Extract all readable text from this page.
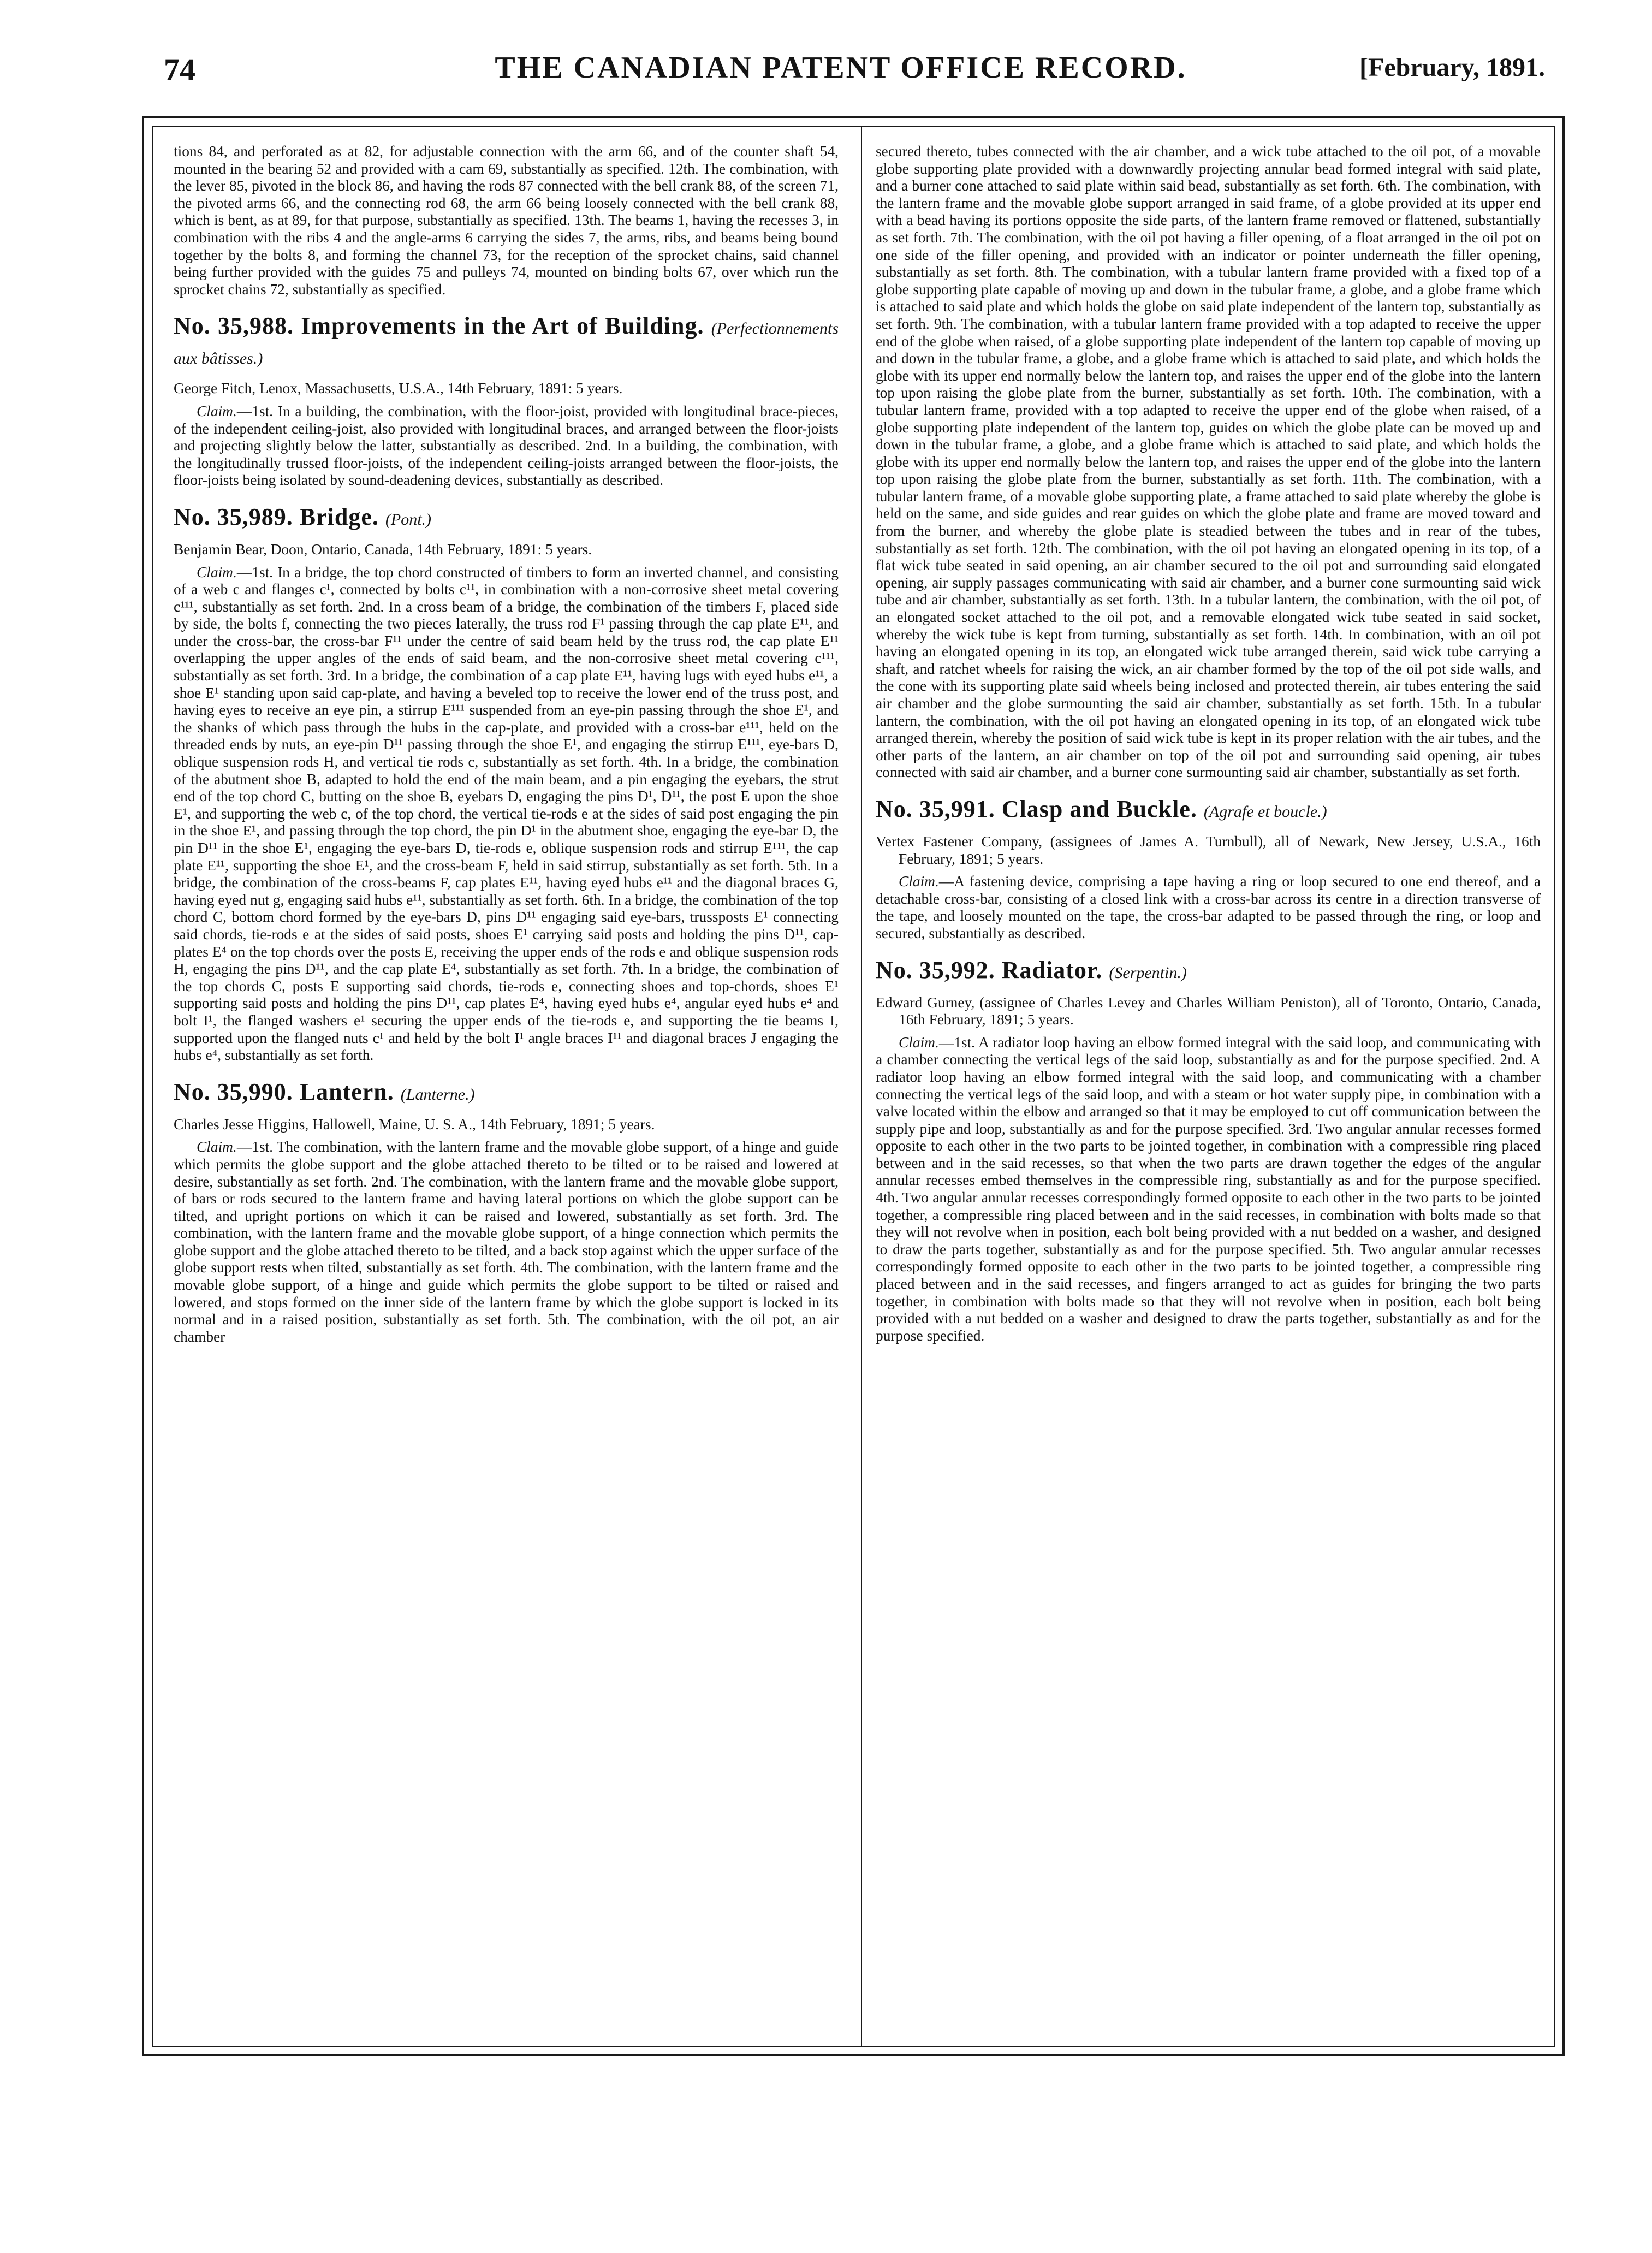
74	THE CANADIAN PATENT OFFICE RECORD.	[February, 1891.

tions 84, and perforated as at 82, for adjustable connection with the arm 66, and of the counter shaft 54, mounted in the bearing 52 and provided with a cam 69, substantially as specified. 12th. The combination, with the lever 85, pivoted in the block 86, and having the rods 87 connected with the bell crank 88, of the screen 71, the pivoted arms 66, and the connecting rod 68, the arm 66 being loosely connected with the bell crank 88, which is bent, as at 89, for that purpose, substantially as specified. 13th. The beams 1, having the recesses 3, in combination with the ribs 4 and the angle-arms 6 carrying the sides 7, the arms, ribs, and beams being bound together by the bolts 8, and forming the channel 73, for the reception of the sprocket chains, said channel being further provided with the guides 75 and pulleys 74, mounted on binding bolts 67, over which run the sprocket chains 72, substantially as specified.

No. 35,988. Improvements in the Art of Building. (Perfectionnements aux bâtisses.)

George Fitch, Lenox, Massachusetts, U.S.A., 14th February, 1891: 5 years.

Claim.—1st. In a building, the combination, with the floor-joist, provided with longitudinal brace-pieces, of the independent ceiling-joist, also provided with longitudinal braces, and arranged between the floor-joists and projecting slightly below the latter, substantially as described. 2nd. In a building, the combination, with the longitudinally trussed floor-joists, of the independent ceiling-joists arranged between the floor-joists, the floor-joists being isolated by sound-deadening devices, substantially as described.

No. 35,989. Bridge. (Pont.)

Benjamin Bear, Doon, Ontario, Canada, 14th February, 1891: 5 years.

Claim.—1st. In a bridge, the top chord constructed of timbers to form an inverted channel, and consisting of a web c and flanges c¹, connected by bolts c¹¹, in combination with a non-corrosive sheet metal covering c¹¹¹, substantially as set forth. 2nd. In a cross beam of a bridge, the combination of the timbers F, placed side by side, the bolts f, connecting the two pieces laterally, the truss rod F¹ passing through the cap plate E¹¹, and under the cross-bar, the cross-bar F¹¹ under the centre of said beam held by the truss rod, the cap plate E¹¹ overlapping the upper angles of the ends of said beam, and the non-corrosive sheet metal covering c¹¹¹, substantially as set forth. 3rd. In a bridge, the combination of a cap plate E¹¹, having lugs with eyed hubs e¹¹, a shoe E¹ standing upon said cap-plate, and having a beveled top to receive the lower end of the truss post, and having eyes to receive an eye pin, a stirrup E¹¹¹ suspended from an eye-pin passing through the shoe E¹, and the shanks of which pass through the hubs in the cap-plate, and provided with a cross-bar e¹¹¹, held on the threaded ends by nuts, an eye-pin D¹¹ passing through the shoe E¹, and engaging the stirrup E¹¹¹, eye-bars D, oblique suspension rods H, and vertical tie rods c, substantially as set forth. 4th. In a bridge, the combination of the abutment shoe B, adapted to hold the end of the main beam, and a pin engaging the eyebars, the strut end of the top chord C, butting on the shoe B, eyebars D, engaging the pins D¹, D¹¹, the post E upon the shoe E¹, and supporting the web c, of the top chord, the vertical tie-rods e at the sides of said post engaging the pin in the shoe E¹, and passing through the top chord, the pin D¹ in the abutment shoe, engaging the eye-bar D, the pin D¹¹ in the shoe E¹, engaging the eye-bars D, tie-rods e, oblique suspension rods and stirrup E¹¹¹, the cap plate E¹¹, supporting the shoe E¹, and the cross-beam F, held in said stirrup, substantially as set forth. 5th. In a bridge, the combination of the cross-beams F, cap plates E¹¹, having eyed hubs e¹¹ and the diagonal braces G, having eyed nut g, engaging said hubs e¹¹, substantially as set forth. 6th. In a bridge, the combination of the top chord C, bottom chord formed by the eye-bars D, pins D¹¹ engaging said eye-bars, trussposts E¹ connecting said chords, tie-rods e at the sides of said posts, shoes E¹ carrying said posts and holding the pins D¹¹, cap-plates E⁴ on the top chords over the posts E, receiving the upper ends of the rods e and oblique suspension rods H, engaging the pins D¹¹, and the cap plate E⁴, substantially as set forth. 7th. In a bridge, the combination of the top chords C, posts E supporting said chords, tie-rods e, connecting shoes and top-chords, shoes E¹ supporting said posts and holding the pins D¹¹, cap plates E⁴, having eyed hubs e⁴, angular eyed hubs e⁴ and bolt I¹, the flanged washers e¹ securing the upper ends of the tie-rods e, and supporting the tie beams I, supported upon the flanged nuts c¹ and held by the bolt I¹ angle braces I¹¹ and diagonal braces J engaging the hubs e⁴, substantially as set forth.

No. 35,990. Lantern. (Lanterne.)

Charles Jesse Higgins, Hallowell, Maine, U. S. A., 14th February, 1891; 5 years.

Claim.—1st. The combination, with the lantern frame and the movable globe support, of a hinge and guide which permits the globe support and the globe attached thereto to be tilted or to be raised and lowered at desire, substantially as set forth. 2nd. The combination, with the lantern frame and the movable globe support, of bars or rods secured to the lantern frame and having lateral portions on which the globe support can be tilted, and upright portions on which it can be raised and lowered, substantially as set forth. 3rd. The combination, with the lantern frame and the movable globe support, of a hinge connection which permits the globe support and the globe attached thereto to be tilted, and a back stop against which the upper surface of the globe support rests when tilted, substantially as set forth. 4th. The combination, with the lantern frame and the movable globe support, of a hinge and guide which permits the globe support to be tilted or raised and lowered, and stops formed on the inner side of the lantern frame by which the globe support is locked in its normal and in a raised position, substantially as set forth. 5th. The combination, with the oil pot, an air chamber

secured thereto, tubes connected with the air chamber, and a wick tube attached to the oil pot, of a movable globe supporting plate provided with a downwardly projecting annular bead formed integral with said plate, and a burner cone attached to said plate within said bead, substantially as set forth. 6th. The combination, with the lantern frame and the movable globe support arranged in said frame, of a globe provided at its upper end with a bead having its portions opposite the side parts, of the lantern frame removed or flattened, substantially as set forth. 7th. The combination, with the oil pot having a filler opening, of a float arranged in the oil pot on one side of the filler opening, and provided with an indicator or pointer underneath the filler opening, substantially as set forth. 8th. The combination, with a tubular lantern frame provided with a fixed top of a globe supporting plate capable of moving up and down in the tubular frame, a globe, and a globe frame which is attached to said plate and which holds the globe on said plate independent of the lantern top, substantially as set forth. 9th. The combination, with a tubular lantern frame provided with a top adapted to receive the upper end of the globe when raised, of a globe supporting plate independent of the lantern top capable of moving up and down in the tubular frame, a globe, and a globe frame which is attached to said plate, and which holds the globe with its upper end normally below the lantern top, and raises the upper end of the globe into the lantern top upon raising the globe plate from the burner, substantially as set forth. 10th. The combination, with a tubular lantern frame, provided with a top adapted to receive the upper end of the globe when raised, of a globe supporting plate independent of the lantern top, guides on which the globe plate can be moved up and down in the tubular frame, a globe, and a globe frame which is attached to said plate, and which holds the globe with its upper end normally below the lantern top, and raises the upper end of the globe into the lantern top upon raising the globe plate from the burner, substantially as set forth. 11th. The combination, with a tubular lantern frame, of a movable globe supporting plate, a frame attached to said plate whereby the globe is held on the same, and side guides and rear guides on which the globe plate and frame are moved toward and from the burner, and whereby the globe plate is steadied between the tubes and in rear of the tubes, substantially as set forth. 12th. The combination, with the oil pot having an elongated opening in its top, of a flat wick tube seated in said opening, an air chamber secured to the oil pot and surrounding said elongated opening, air supply passages communicating with said air chamber, and a burner cone surmounting said wick tube and air chamber, substantially as set forth. 13th. In a tubular lantern, the combination, with the oil pot, of an elongated socket attached to the oil pot, and a removable elongated wick tube seated in said socket, whereby the wick tube is kept from turning, substantially as set forth. 14th. In combination, with an oil pot having an elongated opening in its top, an elongated wick tube arranged therein, said wick tube carrying a shaft, and ratchet wheels for raising the wick, an air chamber formed by the top of the oil pot side walls, and the cone with its supporting plate said wheels being inclosed and protected therein, air tubes entering the said air chamber and the globe surmounting the said air chamber, substantially as set forth. 15th. In a tubular lantern, the combination, with the oil pot having an elongated opening in its top, of an elongated wick tube arranged therein, whereby the position of said wick tube is kept in its proper relation with the air tubes, and the other parts of the lantern, an air chamber on top of the oil pot and surrounding said opening, air tubes connected with said air chamber, and a burner cone surmounting said air chamber, substantially as set forth.

No. 35,991. Clasp and Buckle. (Agrafe et boucle.)

Vertex Fastener Company, (assignees of James A. Turnbull), all of Newark, New Jersey, U.S.A., 16th February, 1891; 5 years.

Claim.—A fastening device, comprising a tape having a ring or loop secured to one end thereof, and a detachable cross-bar, consisting of a closed link with a cross-bar across its centre in a direction transverse of the tape, and loosely mounted on the tape, the cross-bar adapted to be passed through the ring, or loop and secured, substantially as described.

No. 35,992. Radiator. (Serpentin.)

Edward Gurney, (assignee of Charles Levey and Charles William Peniston), all of Toronto, Ontario, Canada, 16th February, 1891; 5 years.

Claim.—1st. A radiator loop having an elbow formed integral with the said loop, and communicating with a chamber connecting the vertical legs of the said loop, substantially as and for the purpose specified. 2nd. A radiator loop having an elbow formed integral with the said loop, and communicating with a chamber connecting the vertical legs of the said loop, and with a steam or hot water supply pipe, in combination with a valve located within the elbow and arranged so that it may be employed to cut off communication between the supply pipe and loop, substantially as and for the purpose specified. 3rd. Two angular annular recesses formed opposite to each other in the two parts to be jointed together, in combination with a compressible ring placed between and in the said recesses, so that when the two parts are drawn together the edges of the angular annular recesses embed themselves in the compressible ring, substantially as and for the purpose specified. 4th. Two angular annular recesses correspondingly formed opposite to each other in the two parts to be jointed together, a compressible ring placed between and in the said recesses, in combination with bolts made so that they will not revolve when in position, each bolt being provided with a nut bedded on a washer, and designed to draw the parts together, substantially as and for the purpose specified. 5th. Two angular annular recesses correspondingly formed opposite to each other in the two parts to be jointed together, a compressible ring placed between and in the said recesses, and fingers arranged to act as guides for bringing the two parts together, in combination with bolts made so that they will not revolve when in position, each bolt being provided with a nut bedded on a washer and designed to draw the parts together, substantially as and for the purpose specified.
